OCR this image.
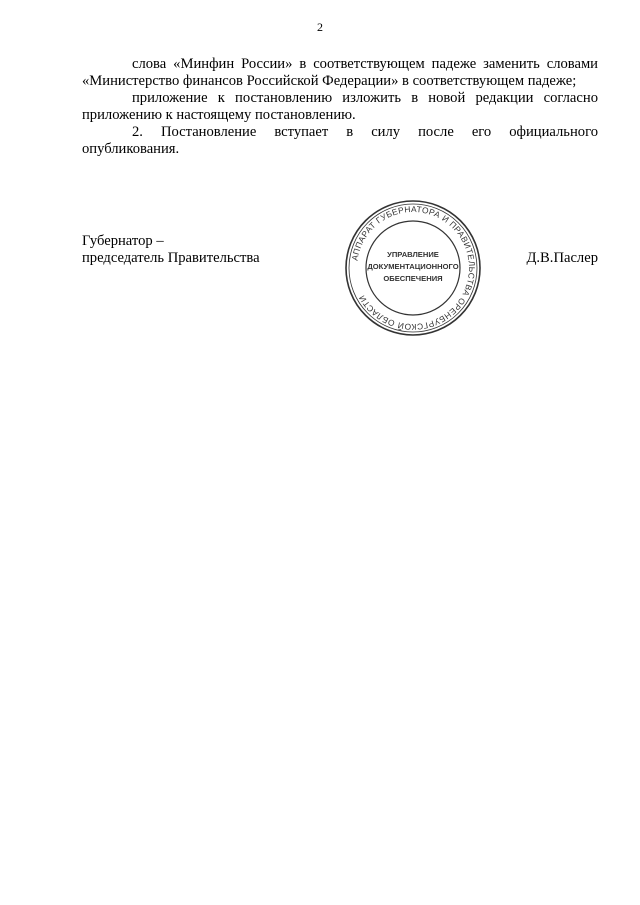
2

слова «Минфин России» в соответствующем падеже заменить словами «Министерство финансов Российской Федерации» в соответствующем падеже;

приложение к постановлению изложить в новой редакции согласно приложению к настоящему постановлению.

2. Постановление вступает в силу после его официального

опубликования.

Губернатор –
председатель Правительства	Д.В.Паслер
АППАРАТ ГУБЕРНАТОРА И ПРАВИТЕЛЬСТВА ОРЕНБУРГСКОЙ ОБЛАСТИ
УПРАВЛЕНИЕ
ДОКУМЕНТАЦИОННОГО
ОБЕСПЕЧЕНИЯ
